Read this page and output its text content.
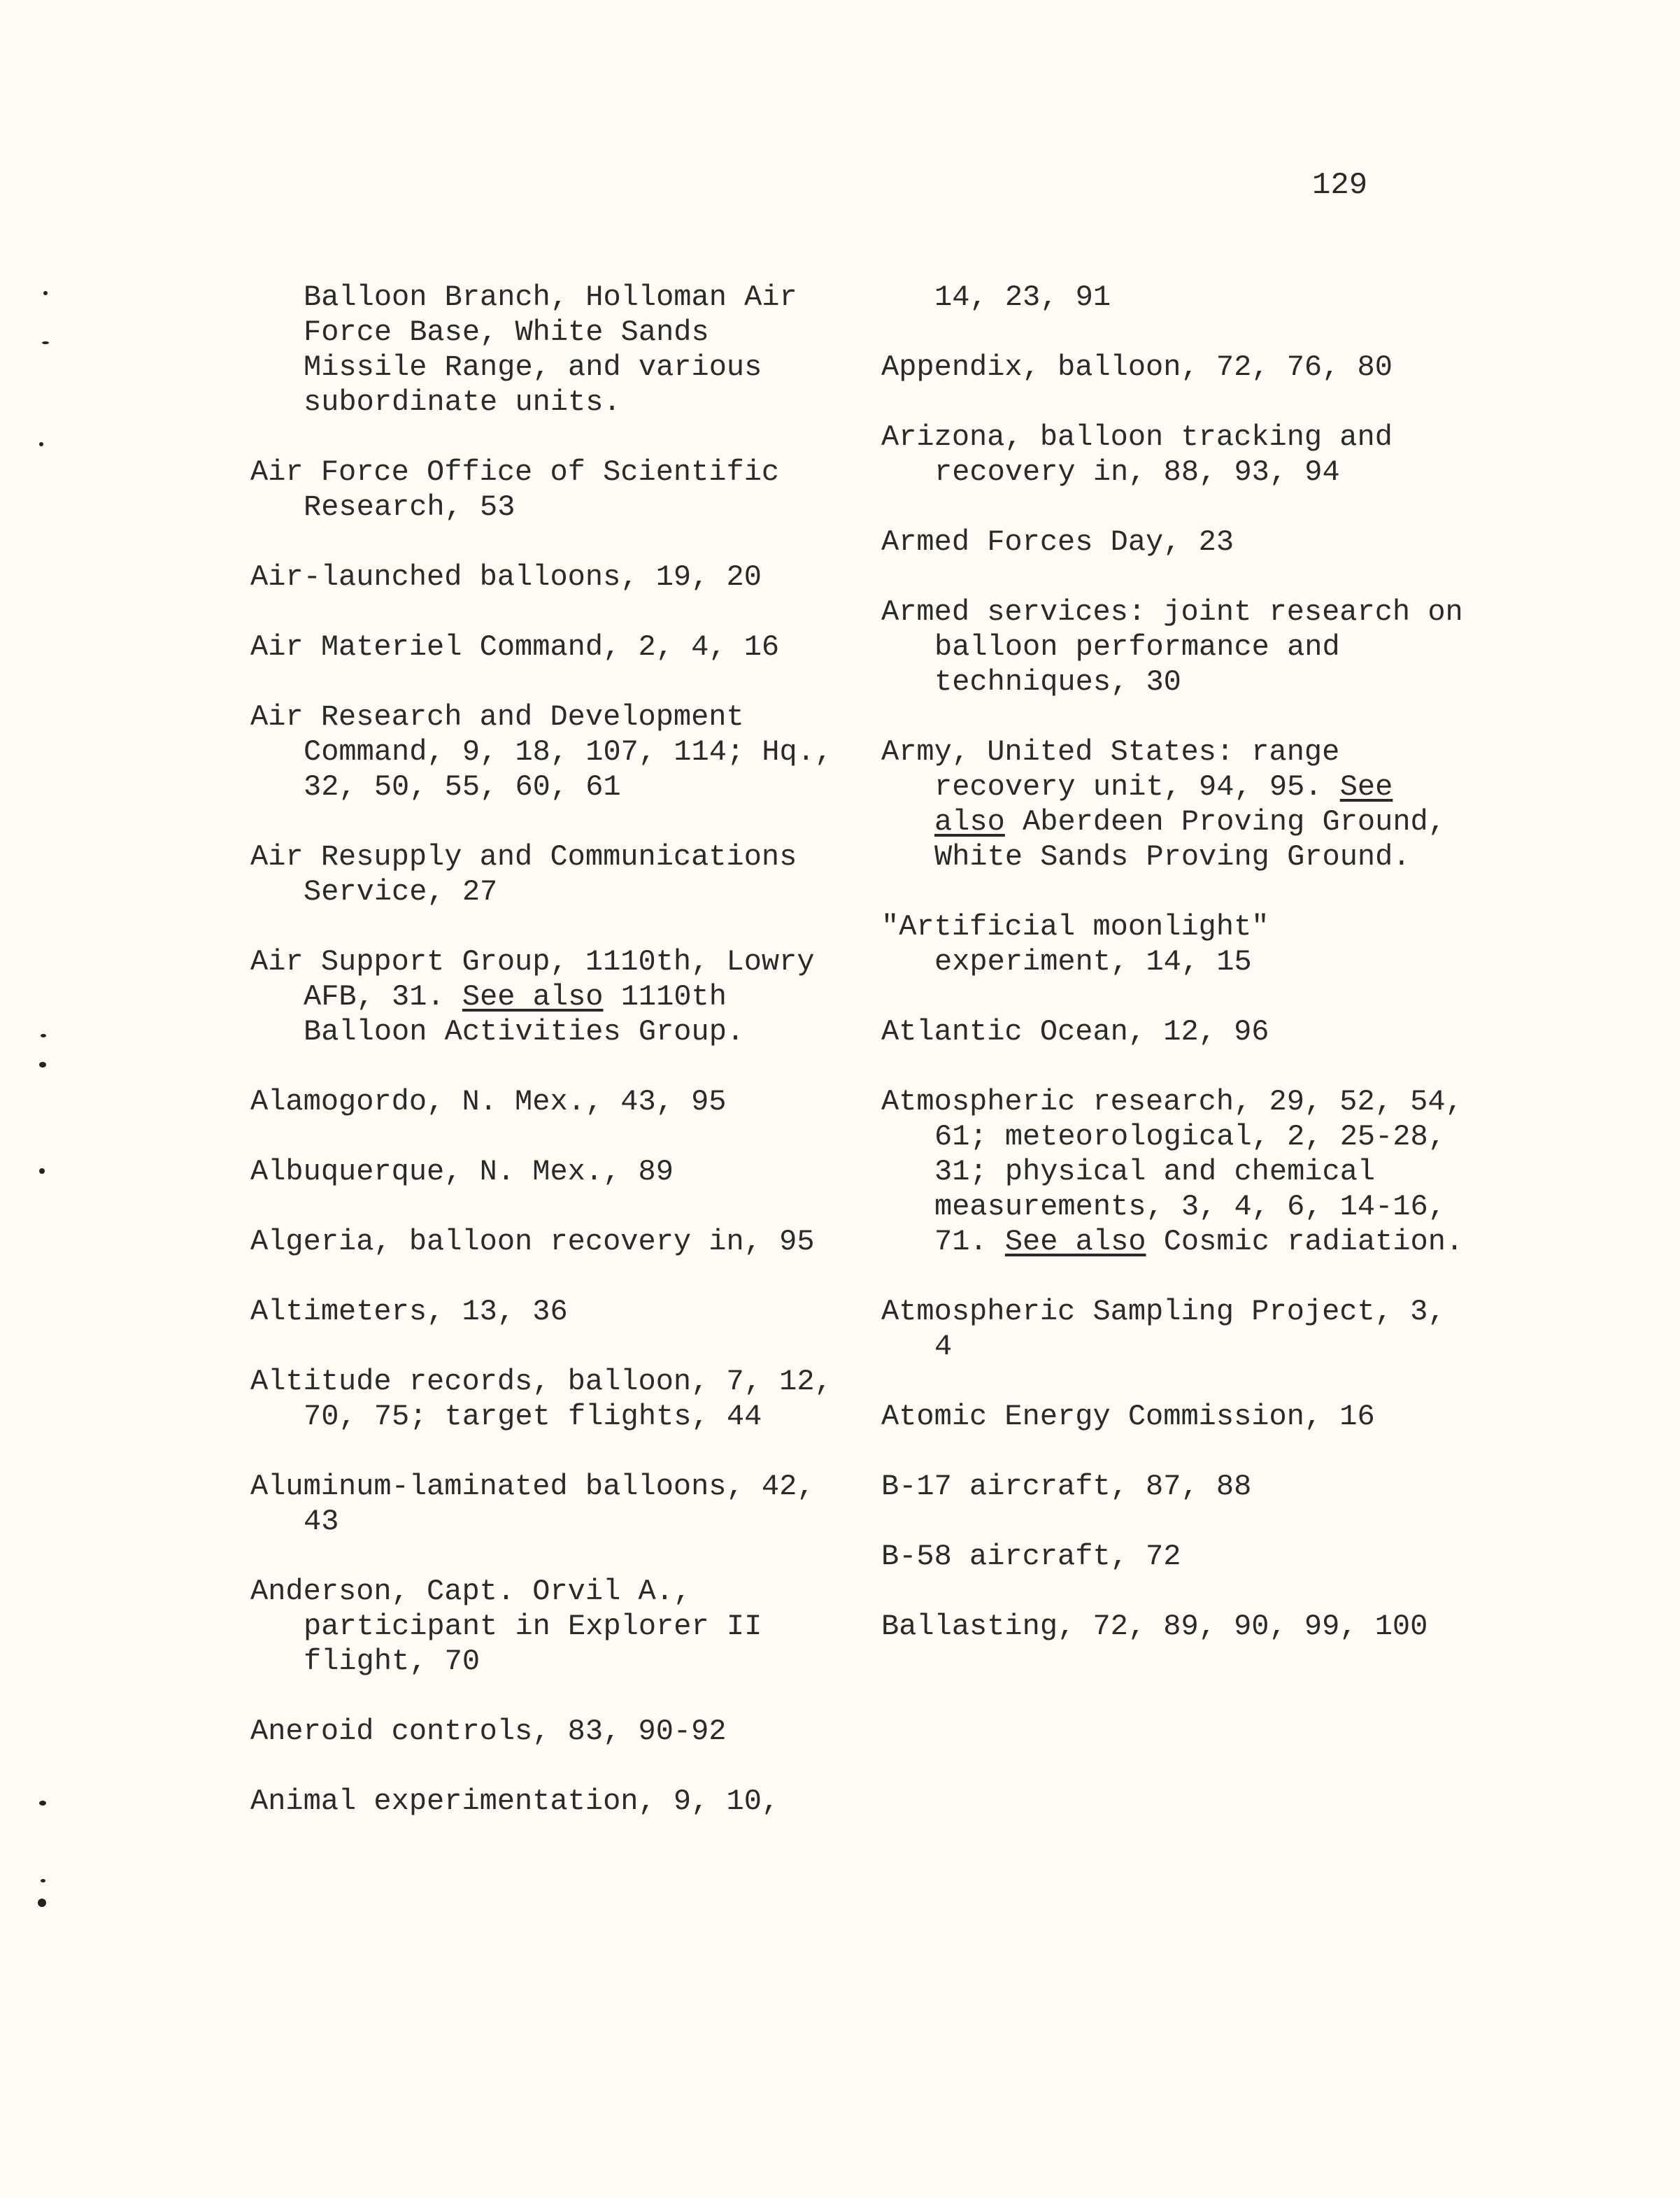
129
Balloon Branch, Holloman Air Force Base, White Sands Missile Range, and various subordinate units.
Air Force Office of Scientific Research, 53
Air-launched balloons, 19, 20
Air Materiel Command, 2, 4, 16
Air Research and Development Command, 9, 18, 107, 114; Hq., 32, 50, 55, 60, 61
Air Resupply and Communications Service, 27
Air Support Group, 1110th, Lowry AFB, 31. See also 1110th Balloon Activities Group.
Alamogordo, N. Mex., 43, 95
Albuquerque, N. Mex., 89
Algeria, balloon recovery in, 95
Altimeters, 13, 36
Altitude records, balloon, 7, 12, 70, 75; target flights, 44
Aluminum-laminated balloons, 42, 43
Anderson, Capt. Orvil A., participant in Explorer II flight, 70
Aneroid controls, 83, 90-92
Animal experimentation, 9, 10,
14, 23, 91
Appendix, balloon, 72, 76, 80
Arizona, balloon tracking and recovery in, 88, 93, 94
Armed Forces Day, 23
Armed services: joint research on balloon performance and techniques, 30
Army, United States: range recovery unit, 94, 95. See also Aberdeen Proving Ground, White Sands Proving Ground.
"Artificial moonlight" experiment, 14, 15
Atlantic Ocean, 12, 96
Atmospheric research, 29, 52, 54, 61; meteorological, 2, 25-28, 31; physical and chemical measurements, 3, 4, 6, 14-16, 71. See also Cosmic radiation.
Atmospheric Sampling Project, 3, 4
Atomic Energy Commission, 16
B-17 aircraft, 87, 88
B-58 aircraft, 72
Ballasting, 72, 89, 90, 99, 100
